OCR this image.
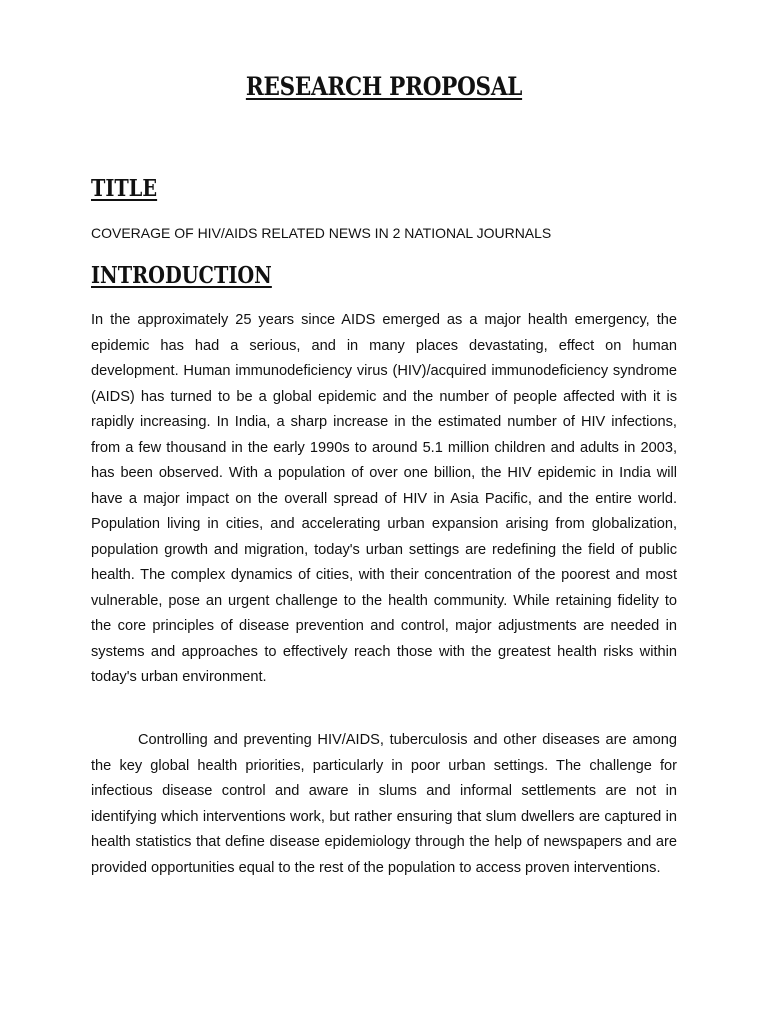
RESEARCH PROPOSAL
TITLE

COVERAGE OF HIV/AIDS RELATED NEWS IN 2 NATIONAL JOURNALS

INTRODUCTION

In the approximately 25 years since AIDS emerged as a major health emergency, the epidemic has had a serious, and in many places devastating, effect on human development. Human immunodeficiency virus (HIV)/acquired immunodeficiency syndrome (AIDS) has turned to be a global epidemic and the number of people affected with it is rapidly increasing. In India, a sharp increase in the estimated number of HIV infections, from a few thousand in the early 1990s to around 5.1 million children and adults in 2003, has been observed. With a population of over one billion, the HIV epidemic in India will have a major impact on the overall spread of HIV in Asia Pacific, and the entire world. Population living in cities, and accelerating urban expansion arising from globalization, population growth and migration, today's urban settings are redefining the field of public health. The complex dynamics of cities, with their concentration of the poorest and most vulnerable, pose an urgent challenge to the health community. While retaining fidelity to the core principles of disease prevention and control, major adjustments are needed in systems and approaches to effectively reach those with the greatest health risks within today's urban environment.

Controlling and preventing HIV/AIDS, tuberculosis and other diseases are among the key global health priorities, particularly in poor urban settings. The challenge for infectious disease control and aware in slums and informal settlements are not in identifying which interventions work, but rather ensuring that slum dwellers are captured in health statistics that define disease epidemiology through the help of newspapers and are provided opportunities equal to the rest of the population to access proven interventions.
